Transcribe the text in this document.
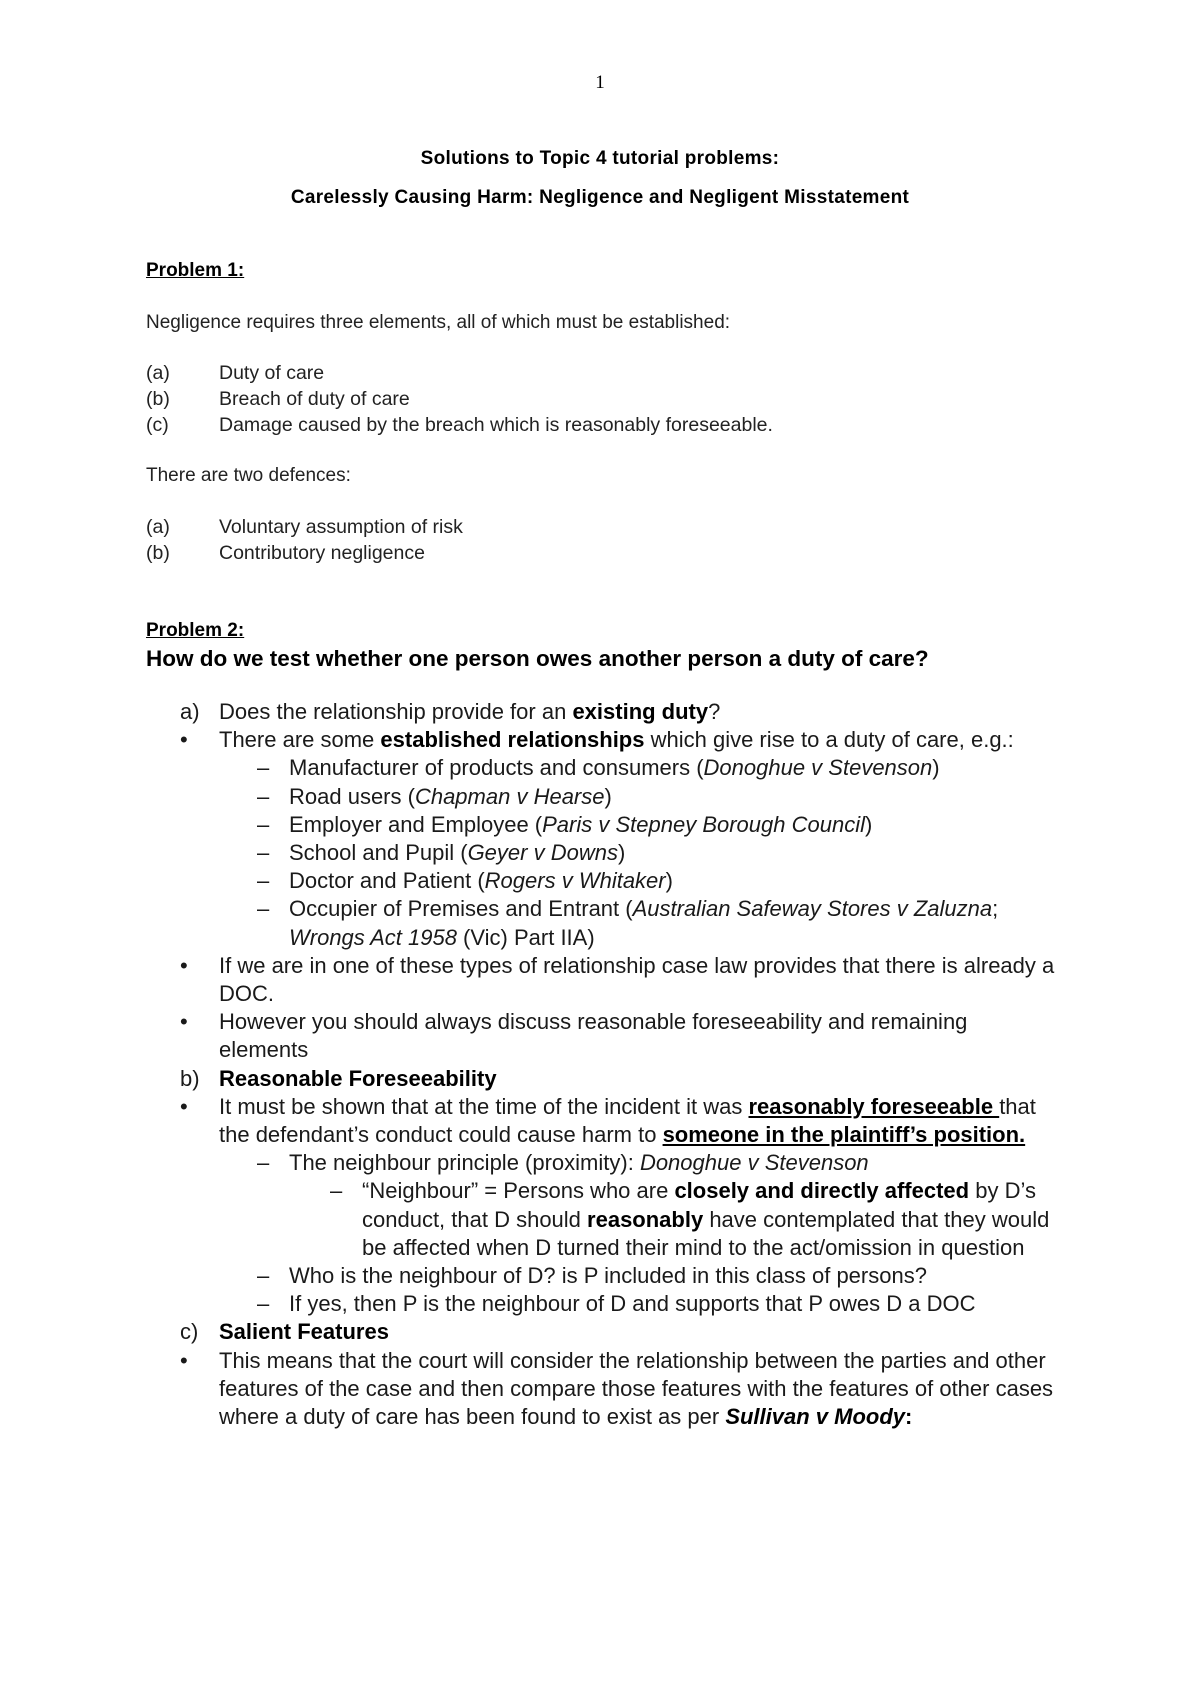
1
Solutions to Topic 4 tutorial problems:
Carelessly Causing Harm: Negligence and Negligent Misstatement
Problem 1:
Negligence requires three elements, all of which must be established:
(a)	Duty of care
(b)	Breach of duty of care
(c)	Damage caused by the breach which is reasonably foreseeable.
There are two defences:
(a)	Voluntary assumption of risk
(b)	Contributory negligence
Problem 2:
How do we test whether one person owes another person a duty of care?
a) Does the relationship provide for an existing duty?
•	There are some established relationships which give rise to a duty of care, e.g.:
– Manufacturer of products and consumers (Donoghue v Stevenson)
– Road users (Chapman v Hearse)
– Employer and Employee (Paris v Stepney Borough Council)
– School and Pupil (Geyer v Downs)
– Doctor and Patient (Rogers v Whitaker)
– Occupier of Premises and Entrant (Australian Safeway Stores v Zaluzna; Wrongs Act 1958 (Vic) Part IIA)
•	If we are in one of these types of relationship case law provides that there is already a DOC.
•	However you should always discuss reasonable foreseeability and remaining elements
b) Reasonable Foreseeability
•	It must be shown that at the time of the incident it was reasonably foreseeable that the defendant’s conduct could cause harm to someone in the plaintiff’s position.
– The neighbour principle (proximity): Donoghue v Stevenson
– “Neighbour” = Persons who are closely and directly affected by D’s conduct, that D should reasonably have contemplated that they would be affected when D turned their mind to the act/omission in question
– Who is the neighbour of D? is P included in this class of persons?
– If yes, then P is the neighbour of D and supports that P owes D a DOC
c) Salient Features
•	This means that the court will consider the relationship between the parties and other features of the case and then compare those features with the features of other cases where a duty of care has been found to exist as per Sullivan v Moody:
